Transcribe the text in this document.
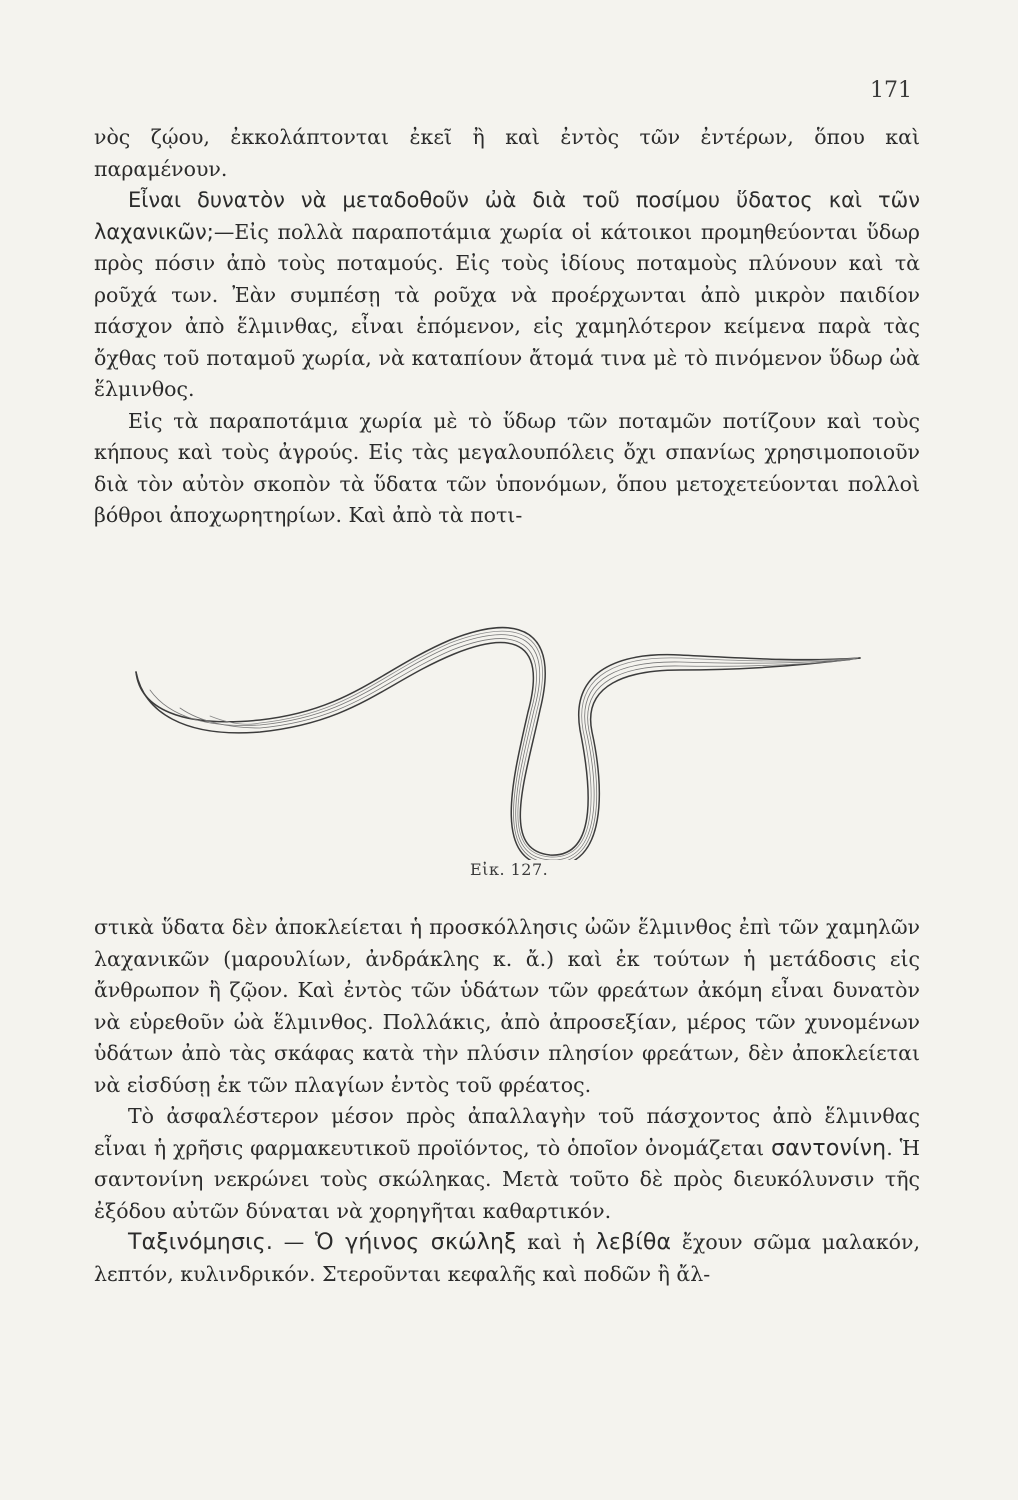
171

νὸς ζῴου, ἐκκολάπτονται ἐκεῖ ἢ καὶ ἐντὸς τῶν ἐντέρων, ὅπου καὶ παραμένουν.

Εἶναι δυνατὸν νὰ μεταδοθοῦν ὠὰ διὰ τοῦ ποσίμου ὕδατος καὶ τῶν λαχανικῶν;—Εἰς πολλὰ παραποτάμια χωρία οἱ κάτοικοι προμηθεύονται ὕδωρ πρὸς πόσιν ἀπὸ τοὺς ποταμούς. Εἰς τοὺς ἰδίους ποταμοὺς πλύνουν καὶ τὰ ροῦχά των. Ἐὰν συμπέσῃ τὰ ροῦχα νὰ προέρχωνται ἀπὸ μικρὸν παιδίον πάσχον ἀπὸ ἕλμινθας, εἶναι ἑπόμενον, εἰς χαμηλότερον κείμενα παρὰ τὰς ὄχθας τοῦ ποταμοῦ χωρία, νὰ καταπίουν ἄτομά τινα μὲ τὸ πινόμενον ὕδωρ ὠὰ ἕλμινθος.

Εἰς τὰ παραποτάμια χωρία μὲ τὸ ὕδωρ τῶν ποταμῶν ποτίζουν καὶ τοὺς κήπους καὶ τοὺς ἀγρούς. Εἰς τὰς μεγαλουπόλεις ὄχι σπανίως χρησιμοποιοῦν διὰ τὸν αὐτὸν σκοπὸν τὰ ὕδατα τῶν ὑπονόμων, ὅπου μετοχετεύονται πολλοὶ βόθροι ἀποχωρητηρίων. Καὶ ἀπὸ τὰ ποτι-

Εἰκ. 127.

στικὰ ὕδατα δὲν ἀποκλείεται ἡ προσκόλλησις ὠῶν ἕλμινθος ἐπὶ τῶν χαμηλῶν λαχανικῶν (μαρουλίων, ἀνδράκλης κ. ἄ.) καὶ ἐκ τούτων ἡ μετάδοσις εἰς ἄνθρωπον ἢ ζῷον. Καὶ ἐντὸς τῶν ὑδάτων τῶν φρεάτων ἀκόμη εἶναι δυνατὸν νὰ εὑρεθοῦν ὠὰ ἕλμινθος. Πολλάκις, ἀπὸ ἀπροσεξίαν, μέρος τῶν χυνομένων ὑδάτων ἀπὸ τὰς σκάφας κατὰ τὴν πλύσιν πλησίον φρεάτων, δὲν ἀποκλείεται νὰ εἰσδύσῃ ἐκ τῶν πλαγίων ἐντὸς τοῦ φρέατος.

Τὸ ἀσφαλέστερον μέσον πρὸς ἀπαλλαγὴν τοῦ πάσχοντος ἀπὸ ἕλμινθας εἶναι ἡ χρῆσις φαρμακευτικοῦ προϊόντος, τὸ ὁποῖον ὀνομάζεται σαντονίνη. Ἡ σαντονίνη νεκρώνει τοὺς σκώληκας. Μετὰ τοῦτο δὲ πρὸς διευκόλυνσιν τῆς ἐξόδου αὐτῶν δύναται νὰ χορηγῆται καθαρτικόν.

Ταξινόμησις. — Ὁ γήινος σκώληξ καὶ ἡ λεβίθα ἔχουν σῶμα μαλακόν, λεπτόν, κυλινδρικόν. Στεροῦνται κεφαλῆς καὶ ποδῶν ἢ ἄλ-
